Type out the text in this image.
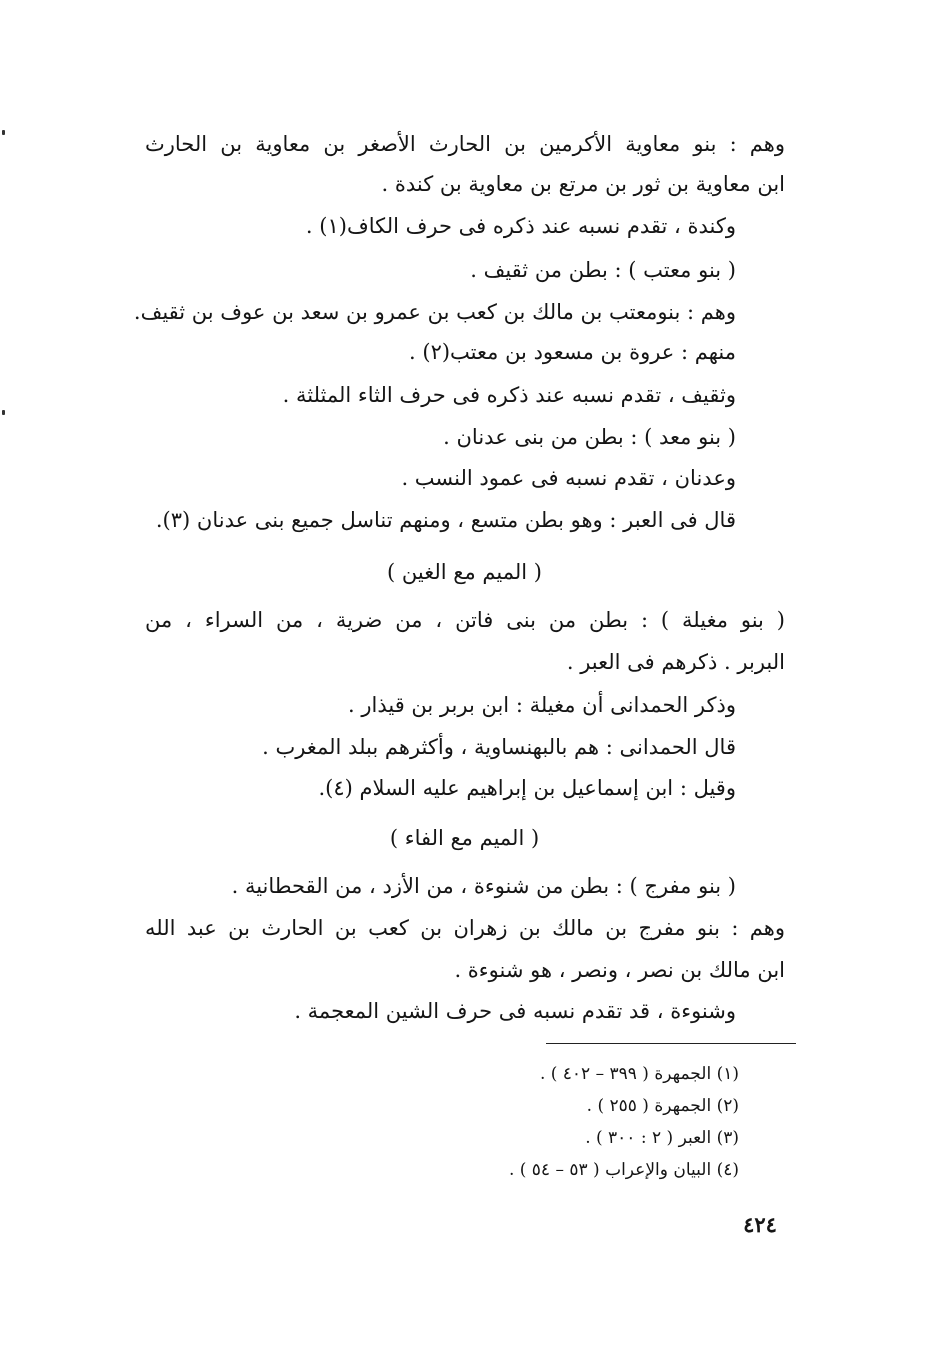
وهم : بنو معاوية الأكرمين بن الحارث الأصغر بن معاوية بن الحارث
ابن معاوية بن ثور بن مرتع بن معاوية بن كندة .
وكندة ، تقدم نسبه عند ذكره فى حرف الكاف(١) .
( بنو معتب ) : بطن من ثقيف .
وهم : بنومعتب بن مالك بن كعب بن عمرو بن سعد بن عوف بن ثقيف.
منهم : عروة بن مسعود بن معتب(٢) .
وثقيف ، تقدم نسبه عند ذكره فى حرف الثاء المثلثة .
( بنو معد ) : بطن من بنى عدنان .
وعدنان ، تقدم نسبه فى عمود النسب .
قال فى العبر : وهو بطن متسع ، ومنهم تناسل جميع بنى عدنان (٣).
( الميم مع الغين )
( بنو مغيلة ) : بطن من بنى فاتن ، من ضرية ، من السراء ، من
البربر . ذكرهم فى العبر .
وذكر الحمدانى أن مغيلة : ابن بربر بن قيذار .
قال الحمدانى : هم بالبهنساوية ، وأكثرهم ببلد المغرب .
وقيل : ابن إسماعيل بن إبراهيم عليه السلام (٤).
( الميم مع الفاء )
( بنو مفرج ) : بطن من شنوءة ، من الأزد ، من القحطانية .
وهم : بنو مفرج بن مالك بن زهران بن كعب بن الحارث بن عبد الله
ابن مالك بن نصر ، ونصر ، هو شنوءة .
وشنوءة ، قد تقدم نسبه فى حرف الشين المعجمة .
(١) الجمهرة ( ٣٩٩ – ٤٠٢ ) .
(٢) الجمهرة ( ٢٥٥ ) .
(٣) العبر ( ٢ : ٣٠٠ ) .
(٤) البيان والإعراب ( ٥٣ – ٥٤ ) .
٤٢٤
